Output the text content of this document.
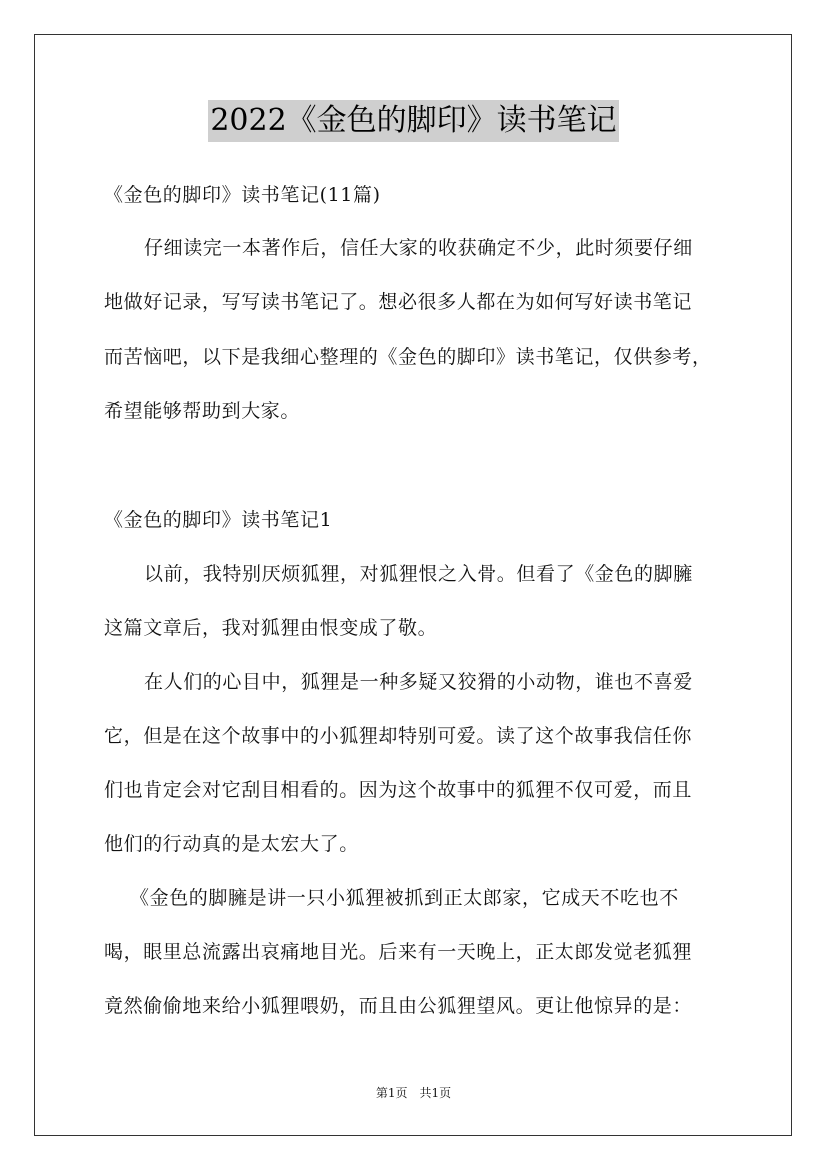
2022《金色的脚印》读书笔记
《金色的脚印》读书笔记(11篇)
仔细读完一本著作后，信任大家的收获确定不少，此时须要仔细
地做好记录，写写读书笔记了。想必很多人都在为如何写好读书笔记
而苦恼吧，以下是我细心整理的《金色的脚印》读书笔记，仅供参考，
希望能够帮助到大家。
《金色的脚印》读书笔记1
以前，我特别厌烦狐狸，对狐狸恨之入骨。但看了《金色的脚臃
这篇文章后，我对狐狸由恨变成了敬。
在人们的心目中，狐狸是一种多疑又狡猾的小动物，谁也不喜爱
它，但是在这个故事中的小狐狸却特别可爱。读了这个故事我信任你
们也肯定会对它刮目相看的。因为这个故事中的狐狸不仅可爱，而且
他们的行动真的是太宏大了。
《金色的脚臃是讲一只小狐狸被抓到正太郎家，它成天不吃也不
喝，眼里总流露出哀痛地目光。后来有一天晚上，正太郎发觉老狐狸
竟然偷偷地来给小狐狸喂奶，而且由公狐狸望风。更让他惊异的是：
第1页　共1页
